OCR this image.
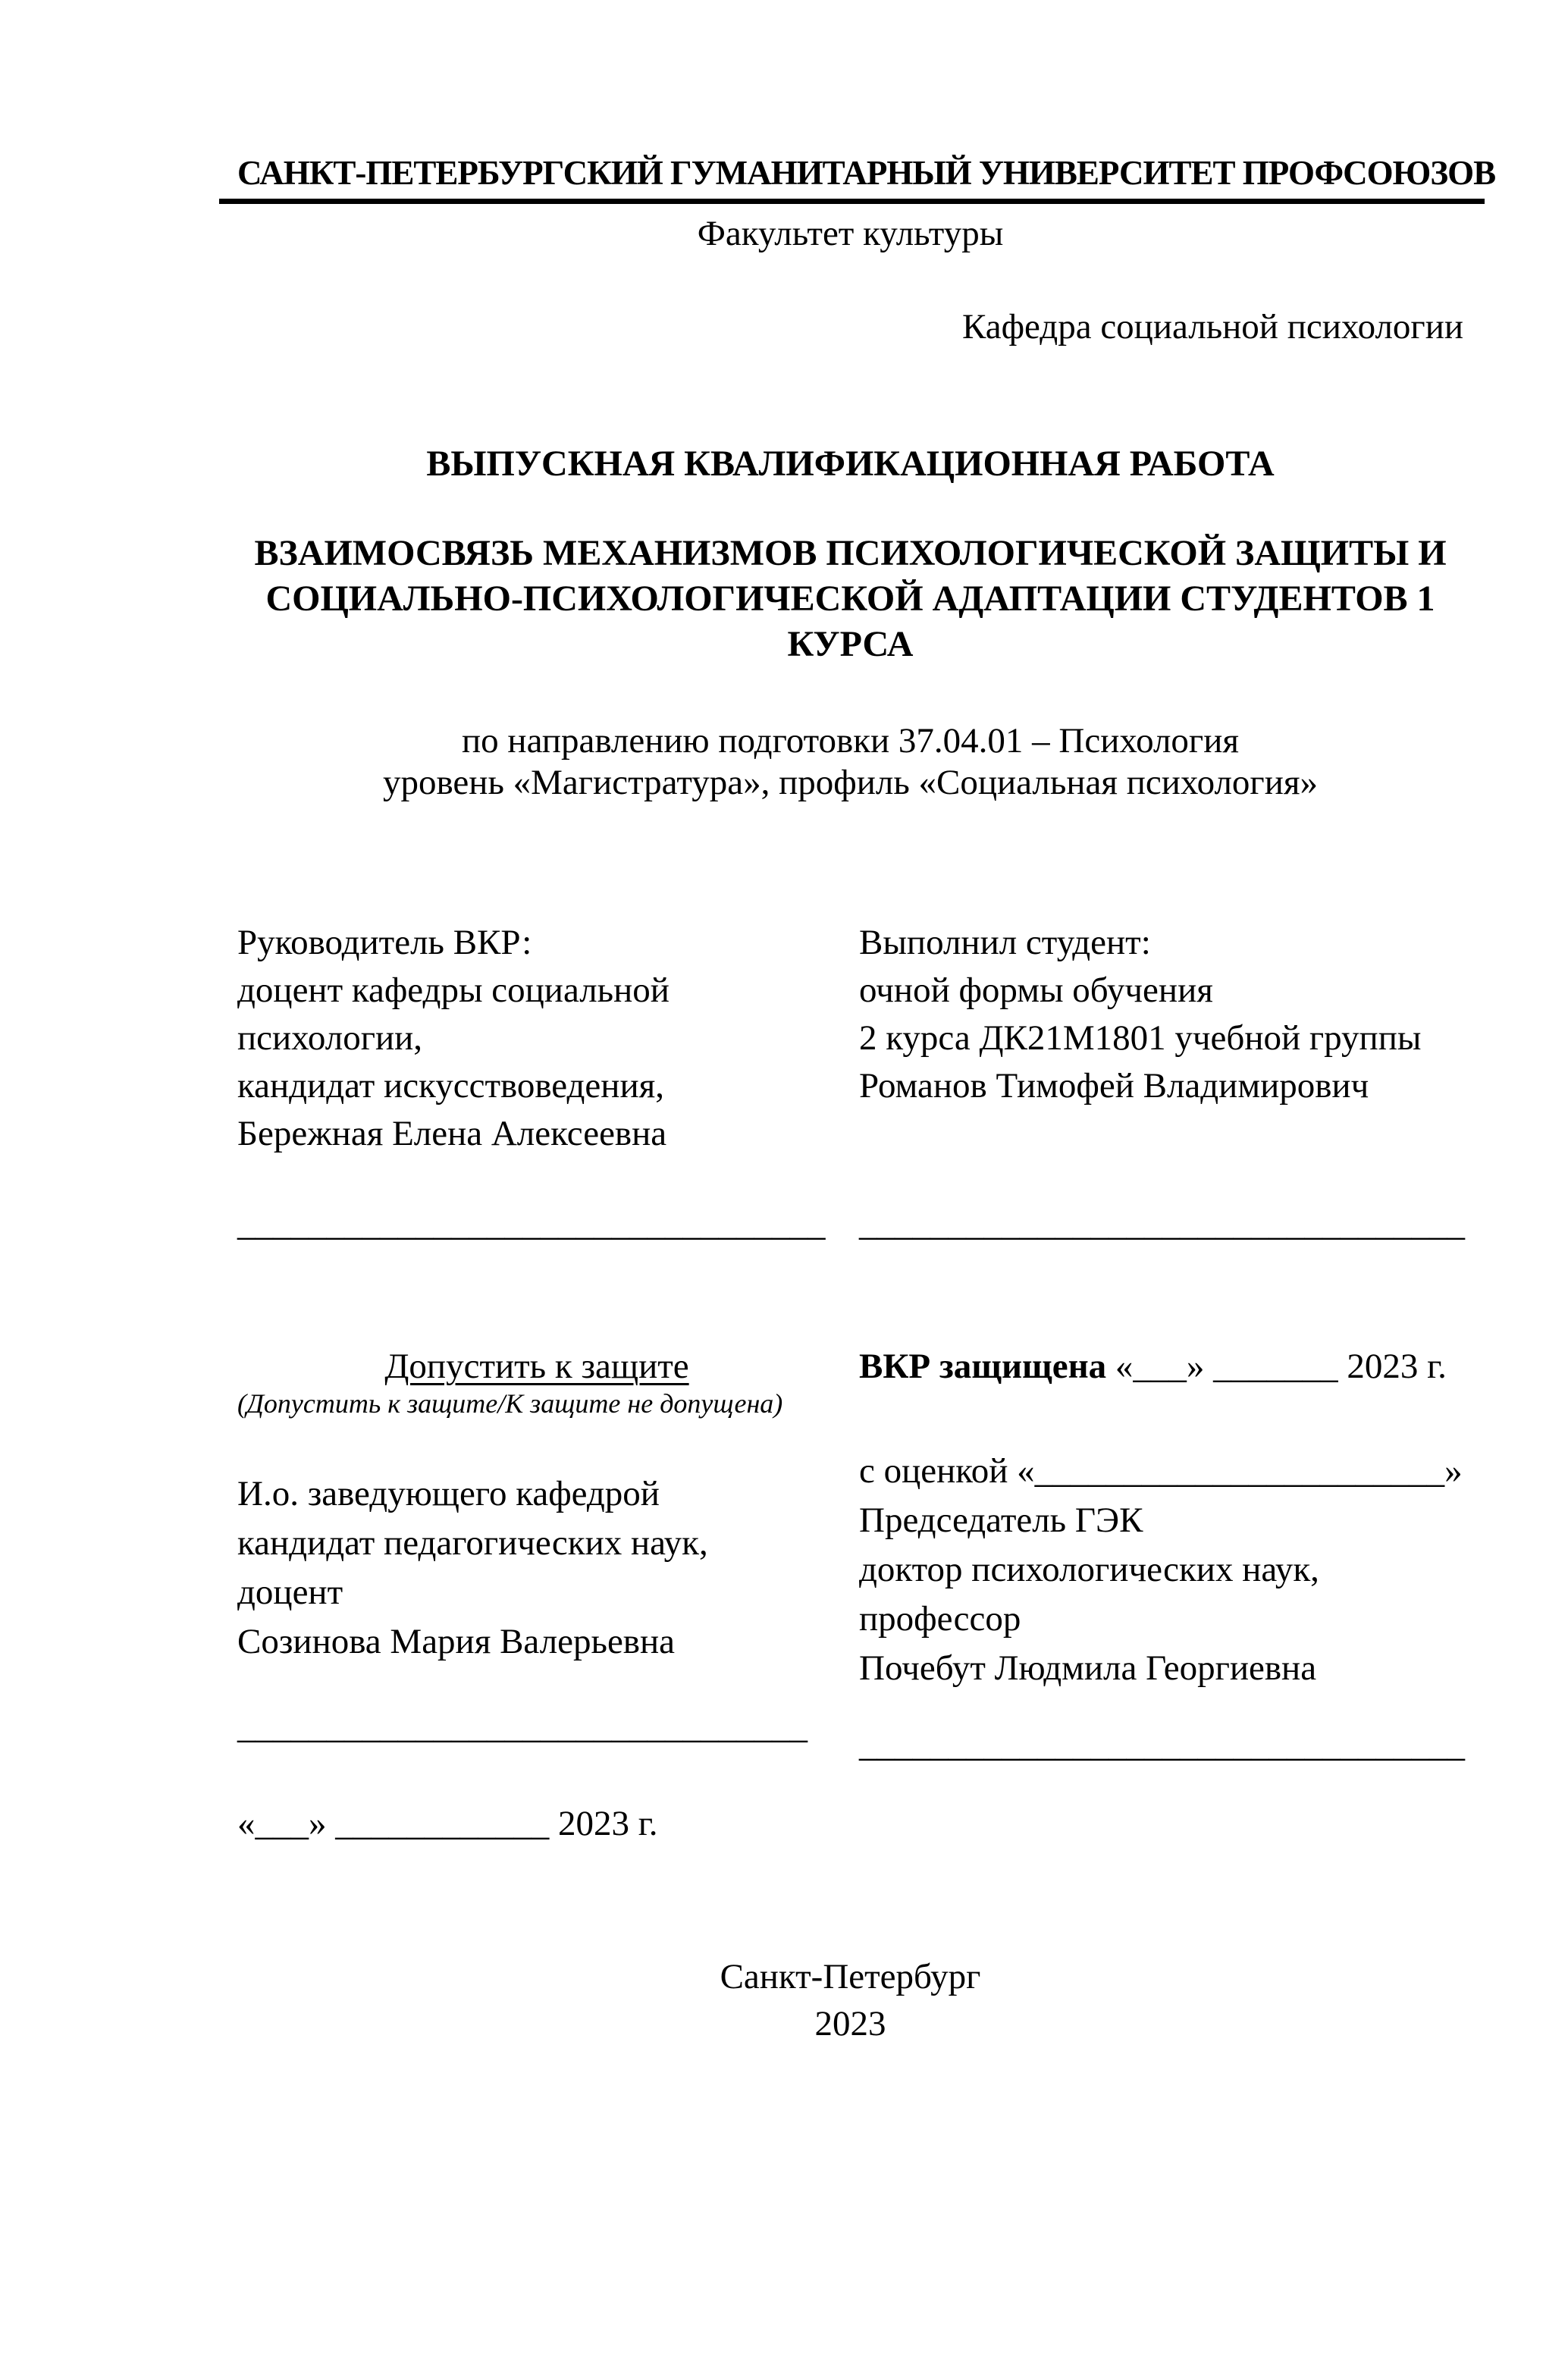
САНКТ-ПЕТЕРБУРГСКИЙ ГУМАНИТАРНЫЙ УНИВЕРСИТЕТ ПРОФСОЮЗОВ
Факультет культуры
Кафедра социальной психологии
ВЫПУСКНАЯ КВАЛИФИКАЦИОННАЯ РАБОТА
ВЗАИМОСВЯЗЬ МЕХАНИЗМОВ ПСИХОЛОГИЧЕСКОЙ ЗАЩИТЫ И
СОЦИАЛЬНО-ПСИХОЛОГИЧЕСКОЙ АДАПТАЦИИ СТУДЕНТОВ 1
КУРСА
по направлению подготовки 37.04.01 – Психология
уровень «Магистратура», профиль «Социальная психология»
Руководитель ВКР:
доцент кафедры социальной
психологии,
кандидат искусствоведения,
Бережная Елена Алексеевна
Выполнил студент:
очной формы обучения
2 курса ДК21М1801 учебной группы
Романов Тимофей Владимирович
_________________________________ __________________________________
Допустить к защите
(Допустить к защите/К защите не допущена)
И.о. заведующего кафедрой
кандидат педагогических наук,
доцент
Созинова Мария Валерьевна
________________________________
«___» ____________ 2023 г.
ВКР защищена «___» _______ 2023 г.
с оценкой «_______________________»
Председатель ГЭК
доктор психологических наук,
профессор
Почебут Людмила Георгиевна
__________________________________
Санкт-Петербург
2023
